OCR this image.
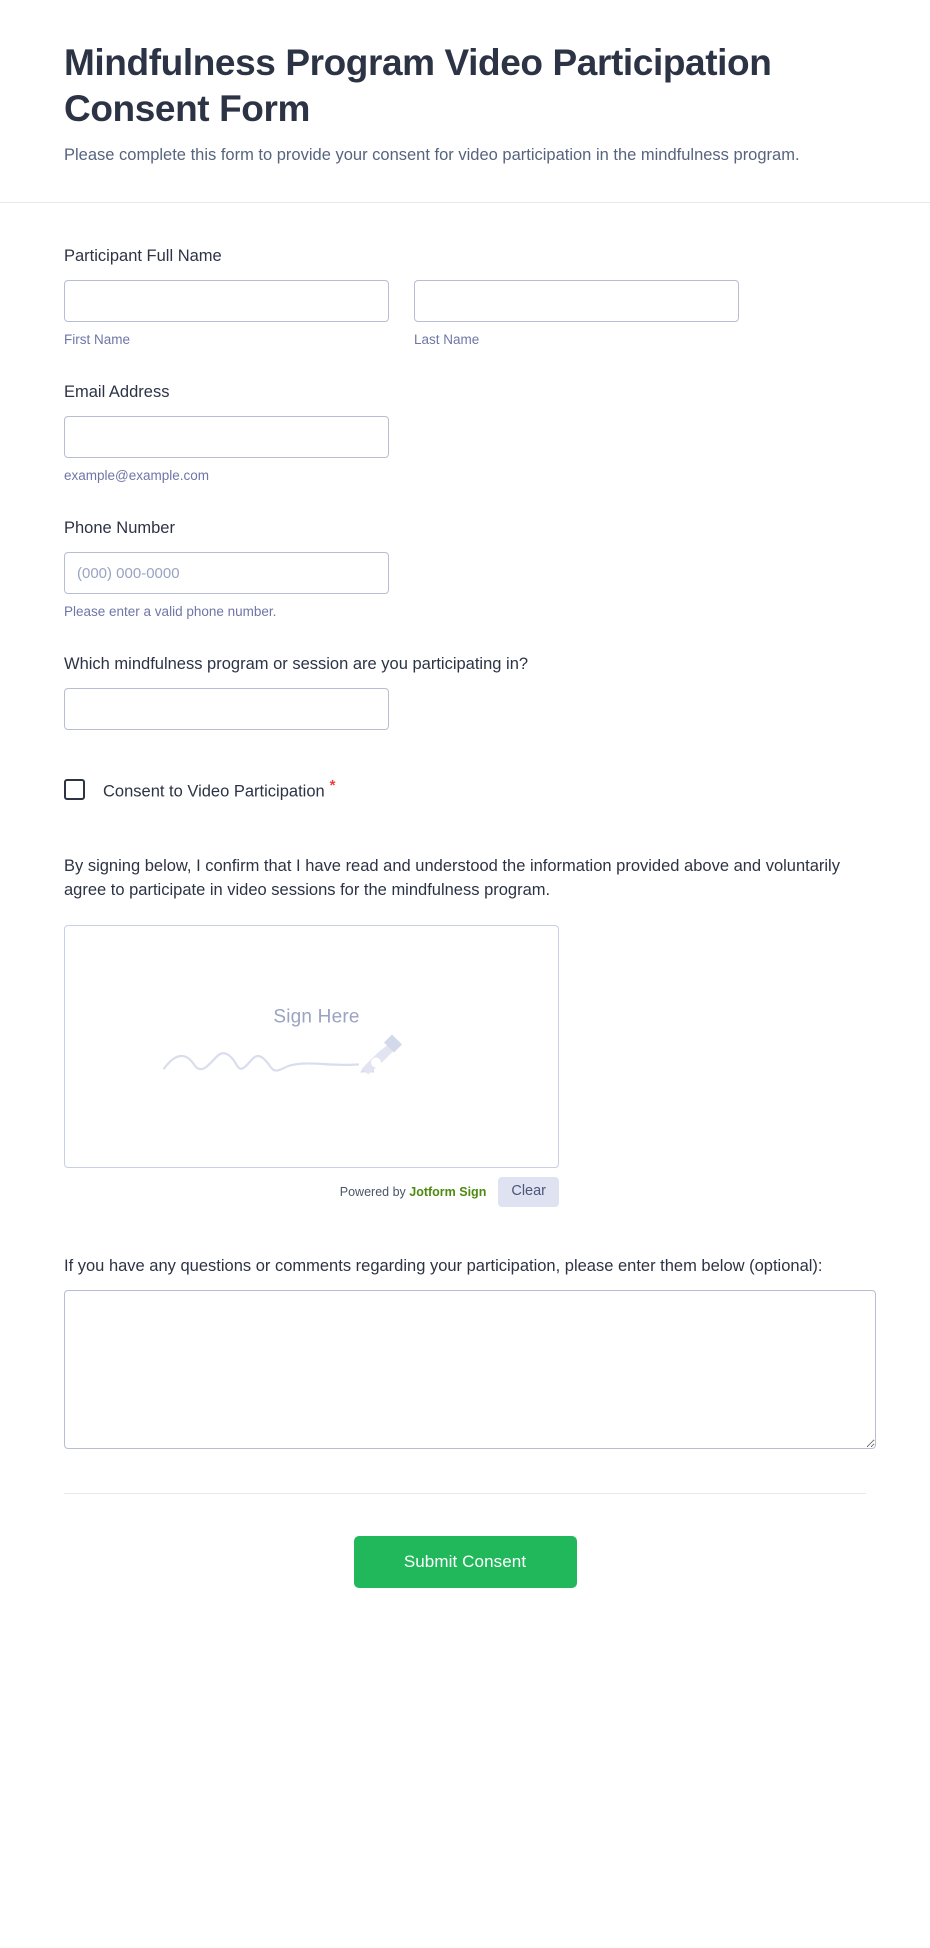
Mindfulness Program Video Participation Consent Form

Please complete this form to provide your consent for video participation in the mindfulness program.

Participant Full Name
First Name	Last Name
Email Address
example@example.com
Phone Number
(000) 000-0000
Please enter a valid phone number.
Which mindfulness program or session are you participating in?
Consent to Video Participation *

By signing below, I confirm that I have read and understood the information provided above and voluntarily agree to participate in video sessions for the mindfulness program.

Sign Here
Powered by Jotform Sign	Clear
If you have any questions or comments regarding your participation, please enter them below (optional):
Submit Consent
